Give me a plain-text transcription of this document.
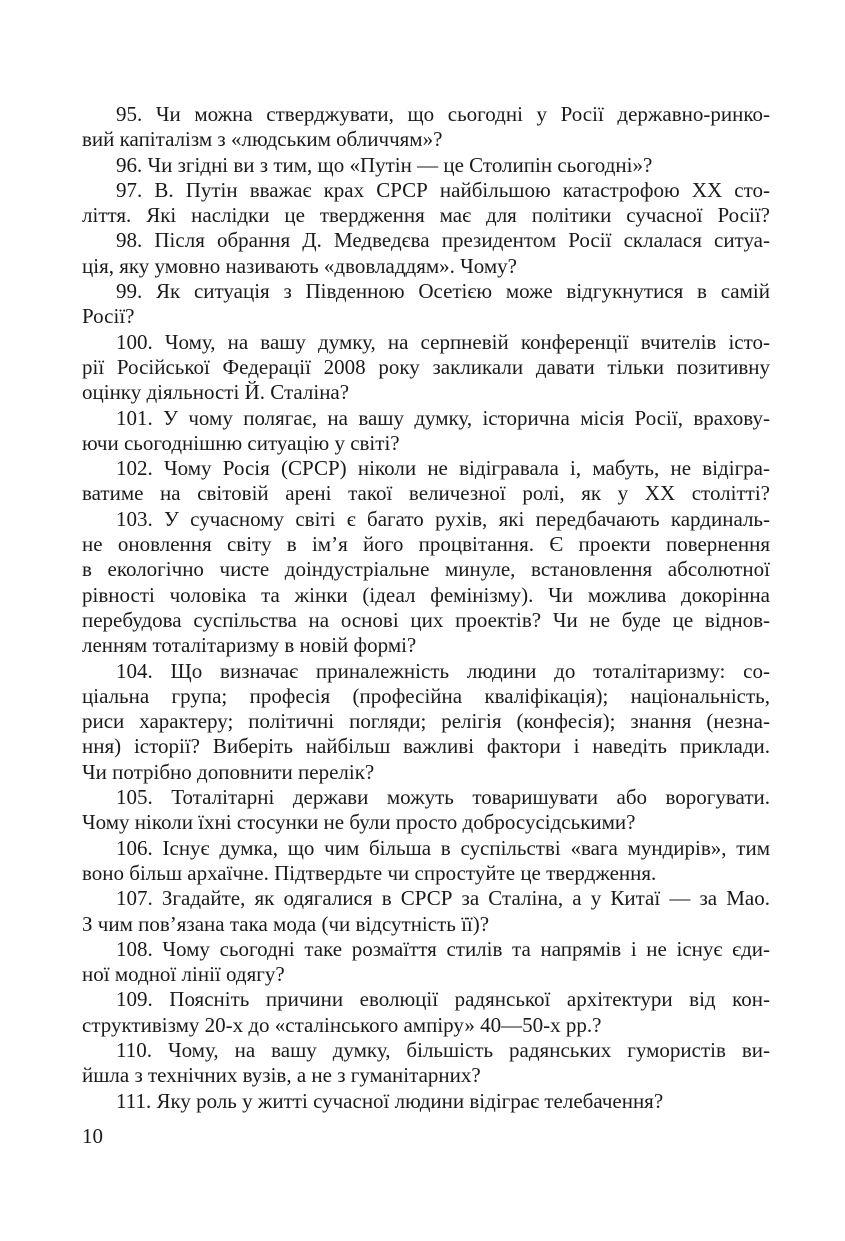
95. Чи можна стверджувати, що сьогодні у Росії державно-ринко-
вий капіталізм з «людським обличчям»?
96. Чи згідні ви з тим, що «Путін — це Столипін сьогодні»?
97. В. Путін вважає крах СРСР найбільшою катастрофою XX сто-
ліття. Які наслідки це твердження має для політики сучасної Росії?
98. Після обрання Д. Медведєва президентом Росії склалася ситуа-
ція, яку умовно називають «двовладдям». Чому?
99. Як ситуація з Південною Осетією може відгукнутися в самій
Росії?
100. Чому, на вашу думку, на серпневій конференції вчителів істо-
рії Російської Федерації 2008 року закликали давати тільки позитивну
оцінку діяльності Й. Сталіна?
101. У чому полягає, на вашу думку, історична місія Росії, врахову-
ючи сьогоднішню ситуацію у світі?
102. Чому Росія (СРСР) ніколи не відігравала і, мабуть, не відігра-
ватиме на світовій арені такої величезної ролі, як у XX столітті?
103. У сучасному світі є багато рухів, які передбачають кардиналь-
не оновлення світу в ім’я його процвітання. Є проекти повернення
в екологічно чисте доіндустріальне минуле, встановлення абсолютної
рівності чоловіка та жінки (ідеал фемінізму). Чи можлива докорінна
перебудова суспільства на основі цих проектів? Чи не буде це віднов-
ленням тоталітаризму в новій формі?
104. Що визначає приналежність людини до тоталітаризму: со-
ціальна група; професія (професійна кваліфікація); національність,
риси характеру; політичні погляди; релігія (конфесія); знання (незна-
ння) історії? Виберіть найбільш важливі фактори і наведіть приклади.
Чи потрібно доповнити перелік?
105. Тоталітарні держави можуть товаришувати або ворогувати.
Чому ніколи їхні стосунки не були просто добросусідськими?
106. Існує думка, що чим більша в суспільстві «вага мундирів», тим
воно більш архаїчне. Підтвердьте чи спростуйте це твердження.
107. Згадайте, як одягалися в СРСР за Сталіна, а у Китаї — за Мао.
З чим пов’язана така мода (чи відсутність її)?
108. Чому сьогодні таке розмаїття стилів та напрямів і не існує єди-
ної модної лінії одягу?
109. Поясніть причини еволюції радянської архітектури від кон-
структивізму 20-х до «сталінського ампіру» 40—50-х рр.?
110. Чому, на вашу думку, більшість радянських гумористів ви-
йшла з технічних вузів, а не з гуманітарних?
111. Яку роль у житті сучасної людини відіграє телебачення?
10
